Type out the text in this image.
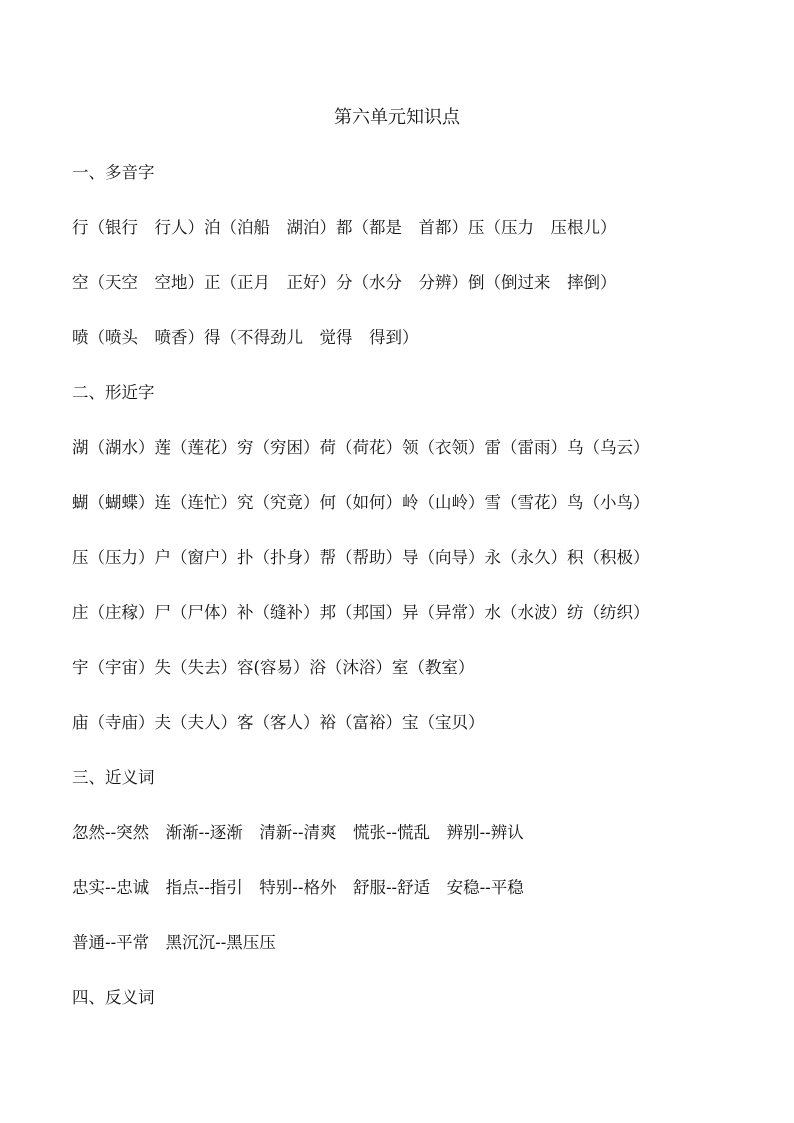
第六单元知识点
一、多音字
行（银行　行人）泊（泊船　湖泊）都（都是　首都）压（压力　压根儿）
空（天空　空地）正（正月　正好）分（水分　分辨）倒（倒过来　摔倒）
喷（喷头　喷香）得（不得劲儿　觉得　得到）
二、形近字
湖（湖水）莲（莲花）穷（穷困）荷（荷花）领（衣领）雷（雷雨）乌（乌云）
蝴（蝴蝶）连（连忙）究（究竟）何（如何）岭（山岭）雪（雪花）鸟（小鸟）
压（压力）户（窗户）扑（扑身）帮（帮助）导（向导）永（永久）积（积极）
庄（庄稼）尸（尸体）补（缝补）邦（邦国）异（异常）水（水波）纺（纺织）
宇（宇宙）失（失去）容(容易）浴（沐浴）室（教室）
庙（寺庙）夫（夫人）客（客人）裕（富裕）宝（宝贝）
三、近义词
忽然--突然　渐渐--逐渐　清新--清爽　慌张--慌乱　辨别--辨认
忠实--忠诚　指点--指引　特别--格外　舒服--舒适　安稳--平稳
普通--平常　黑沉沉--黑压压
四、反义词
